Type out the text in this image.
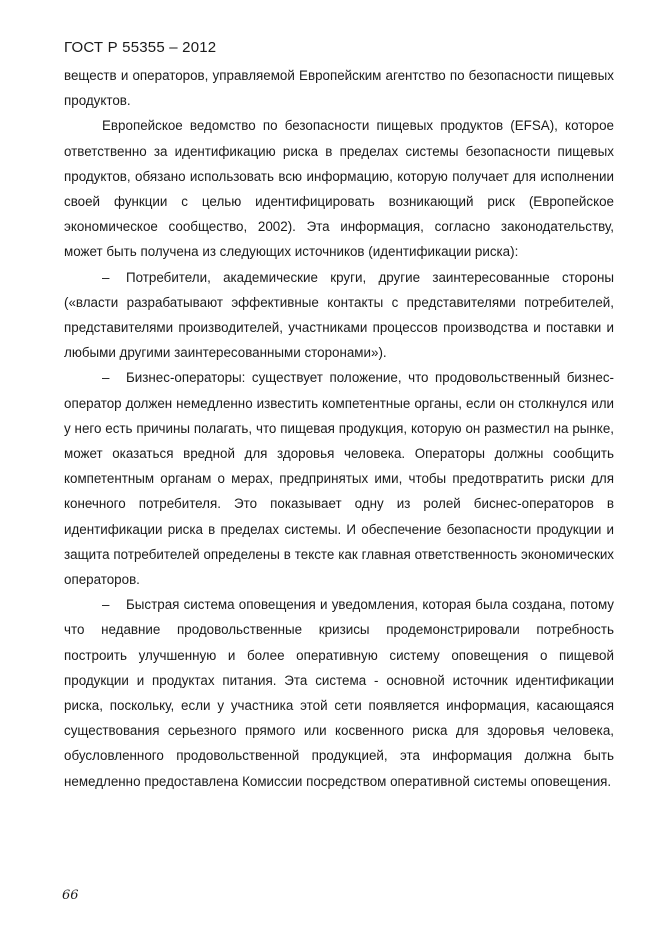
ГОСТ Р 55355 – 2012

веществ и операторов, управляемой Европейским агентство по безопасности пищевых продуктов.

Европейское ведомство по безопасности пищевых продуктов (EFSA), которое ответственно за идентификацию риска в пределах системы безопасности пищевых продуктов, обязано использовать всю информацию, которую получает для исполнении своей функции с целью идентифицировать возникающий риск (Европейское экономическое сообщество, 2002). Эта информация, согласно законодательству, может быть получена из следующих источников (идентификации риска):

– Потребители, академические круги, другие заинтересованные стороны («власти разрабатывают эффективные контакты с представителями потребителей, представителями производителей, участниками процессов производства и поставки и любыми другими заинтересованными сторонами»).

– Бизнес-операторы: существует положение, что продовольственный бизнес-оператор должен немедленно известить компетентные органы, если он столкнулся или у него есть причины полагать, что пищевая продукция, которую он разместил на рынке, может оказаться вредной для здоровья человека. Операторы должны сообщить компетентным органам о мерах, предпринятых ими, чтобы предотвратить риски для конечного потребителя. Это показывает одну из ролей биснес-операторов в идентификации риска в пределах системы. И обеспечение безопасности продукции и защита потребителей определены в тексте как главная ответственность экономических операторов.

– Быстрая система оповещения и уведомления, которая была создана, потому что недавние продовольственные кризисы продемонстрировали потребность построить улучшенную и более оперативную систему оповещения о пищевой продукции и продуктах питания. Эта система - основной источник идентификации риска, поскольку, если у участника этой сети появляется информация, касающаяся существования серьезного прямого или косвенного риска для здоровья человека, обусловленного продовольственной продукцией, эта информация должна быть немедленно предоставлена Комиссии посредством оперативной системы оповещения.

66
